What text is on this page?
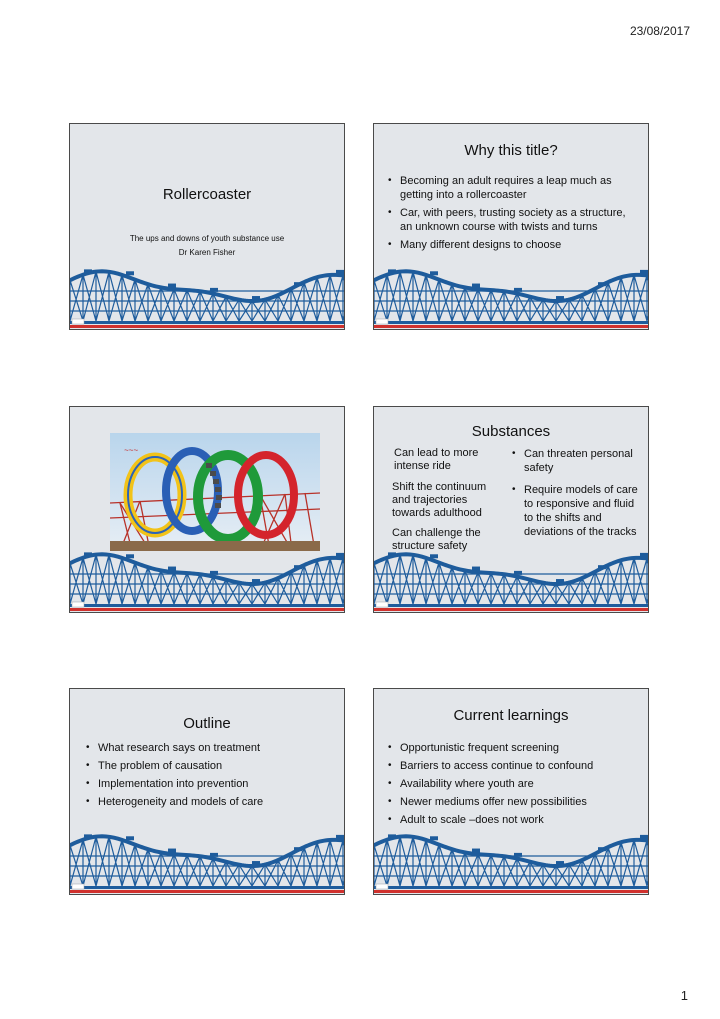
23/08/2017
Rollercoaster
The ups and downs of youth substance use
Dr Karen Fisher
Why this title?
• Becoming an adult requires a leap much as getting into a rollercoaster
• Car, with peers, trusting society as a structure, an unknown course with twists and turns
• Many different designs to choose
~~~
Substances
Can lead to more intense ride
Shift the continuum and trajectories towards adulthood
Can challenge the structure safety
• Can threaten personal safety
• Require models of care to responsive and fluid to the shifts and deviations of the tracks
Outline
• What research says on treatment
• The problem of causation
• Implementation into prevention
• Heterogeneity and models of care
Current learnings
• Opportunistic frequent screening
• Barriers to access continue to confound
• Availability where youth are
• Newer mediums offer new possibilities
• Adult to scale –does not work
1
